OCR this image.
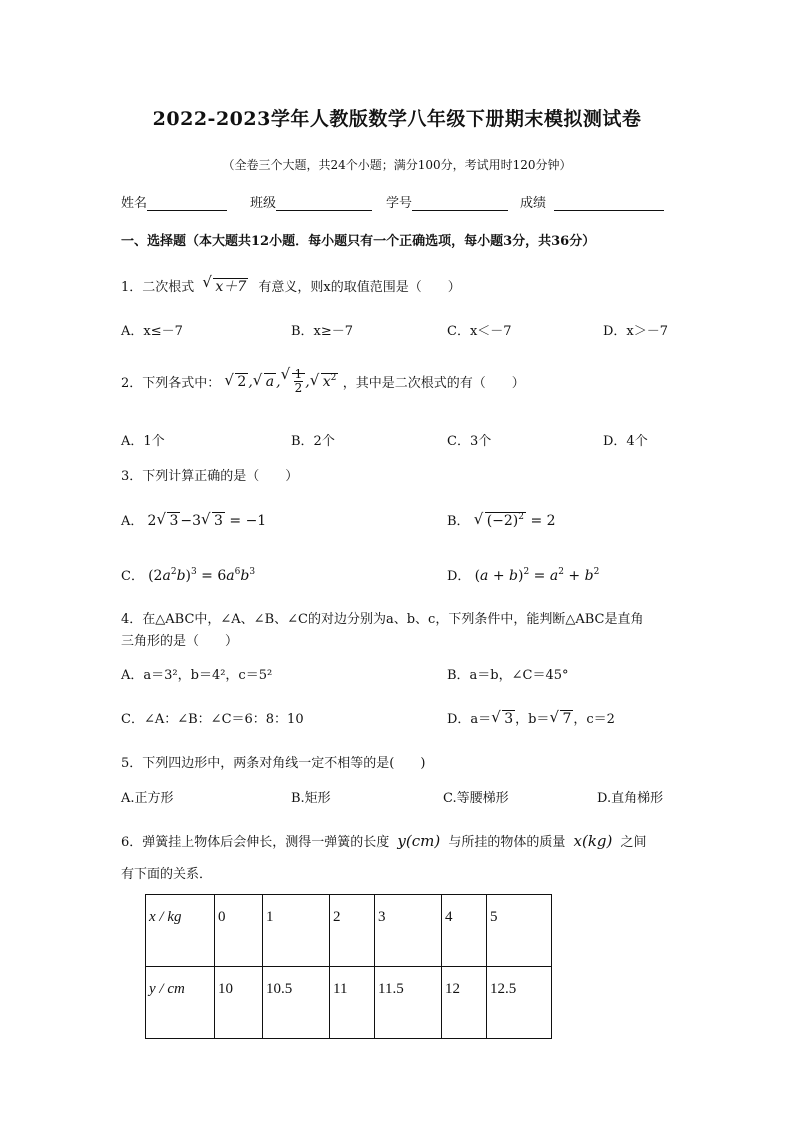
2022-2023学年人教版数学八年级下册期末模拟测试卷
（全卷三个大题，共24个小题；满分100分，考试用时120分钟）
姓名	班级	学号	成绩
一、选择题（本大题共12小题．每小题只有一个正确选项，每小题3分，共36分）
1．二次根式 √ x＋7 有意义，则x的取值范围是（　　）
A．x≤－7	B．x≥－7	C．x＜－7	D．x＞－7
2．下列各式中： √ 2 , √ a , √ $\frac{1}{2}$ , √ $x^2$ ，其中是二次根式的有（　　）
A．1个	B．2个	C．3个	D．4个
3．下列计算正确的是（　　）
A． 2 √ 3 −3 √ 3 = −1	B． √ $(-2)^2 = 2$
C． $(2a^2b)^3 = 6a^6b^3$	D． $(a + b)^2 = a^2 + b^2$
4．在△ABC中，∠A、∠B、∠C的对边分别为a、b、c，下列条件中，能判断△ABC是直角
三角形的是（　　）
A．a＝3²，b＝4²，c＝5²	B．a＝b，∠C＝45°
C．∠A：∠B：∠C＝6：8：10	D．a＝ √ 3 ，b＝ √ 7 ，c＝2
5．下列四边形中，两条对角线一定不相等的是(　　)
A.正方形	B.矩形	C.等腰梯形	D.直角梯形
6．弹簧挂上物体后会伸长，测得一弹簧的长度 y(cm) 与所挂的物体的质量 x(kg) 之间
有下面的关系．
x / kg	0	1	2	3	4	5
y / cm	10	10.5	11	11.5	12	12.5
